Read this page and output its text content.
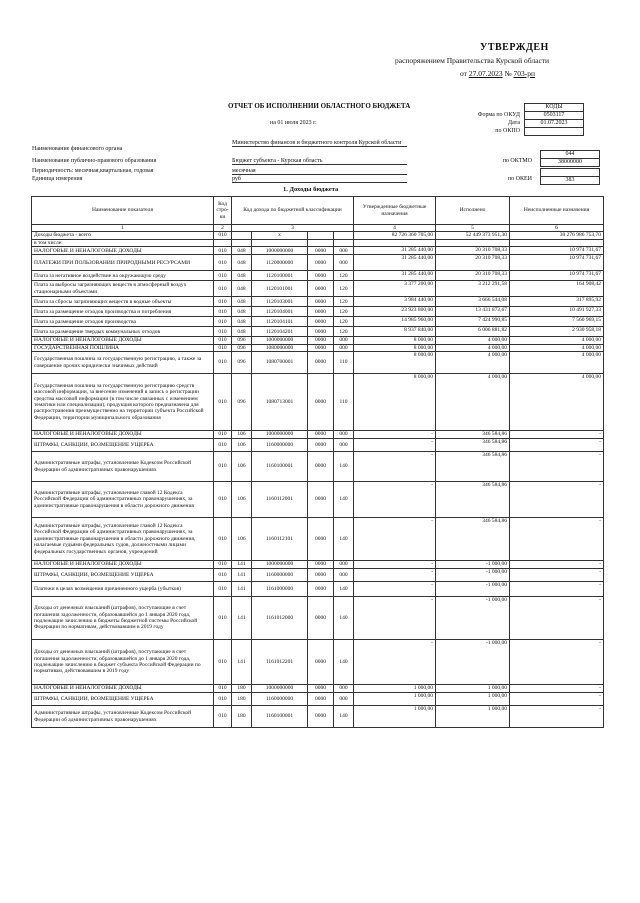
УТВЕРЖДЕН
распоряжением Правительства Курской области
от 27.07.2023 № 703-рп
ОТЧЕТ ОБ ИСПОЛНЕНИИ ОБЛАСТНОГО БЮДЖЕТА
на 01 июля 2023 г.
КОДЫ
Форма по ОКУД	0503117
Дата	01.07.2023
по ОКПО
Наименование финансового органа
Министерство финансов и бюджетного контроля Курской области
044
Наименование публично-правового образования	Бюджет субъекта - Курская область	по ОКТМО	38000000
Периодичность: месячная,квартальная, годовая	месячная
Единица измерения	руб	по ОКЕИ	383
1. Доходы бюджета
Наименование показателя	Код стро-ки	Код дохода по бюджетной классификации				Утвержденные бюджетные назначения	Исполнено	Неисполненные назначения
1	2	3				4	5	6
Доходы бюджета - всего	010		x			82 726 360 705,00	52 449 373 951,30	30 276 986 753,70
в том числе:								
НАЛОГОВЫЕ И НЕНАЛОГОВЫЕ ДОХОДЫ	010	048	1000000000	0000	000	31 285 440,00	20 310 708,33	10 974 731,67
ПЛАТЕЖИ ПРИ ПОЛЬЗОВАНИИ ПРИРОДНЫМИ РЕСУРСАМИ	010	048	1120000000	0000	000	31 285 440,00	20 310 708,33	10 974 731,67
Плата за негативное воздействие на окружающую среду	010	048	1120100001	0000	120	31 285 440,00	20 310 708,33	10 974 731,67
Плата за выбросы загрязняющих веществ в атмосферный воздух стационарными объектами	010	048	1120101001	0000	120	3 377 200,00	3 212 291,58	164 908,42
Плата за сбросы загрязняющих веществ в водные объекты	010	048	1120103001	0000	120	3 984 440,00	3 666 544,08	317 895,92
Плата за размещение отходов производства и потребления	010	048	1120104001	0000	120	23 923 800,00	13 431 872,67	10 491 927,33
Плата за размещение отходов производства	010	048	1120104101	0000	120	14 985 960,00	7 424 990,85	7 560 969,15
Плата за размещение твердых коммунальных отходов	010	048	1120104201	0000	120	8 937 840,00	6 006 881,82	2 930 958,18
НАЛОГОВЫЕ И НЕНАЛОГОВЫЕ ДОХОДЫ	010	096	1000000000	0000	000	8 000,00	4 000,00	4 000,00
ГОСУДАРСТВЕННАЯ ПОШЛИНА	010	096	1080000000	0000	000	8 000,00	4 000,00	4 000,00
Государственная пошлина за государственную регистрацию, а также за совершение прочих юридически значимых действий	010	096	1080700001	0000	110	8 000,00	4 000,00	4 000,00
Государственная пошлина за государственную регистрацию средств массовой информации, за внесение изменений в запись о регистрации средства массовой информации (в том числе связанных с изменением тематики или специализации), продукция которого предназначена для распространения преимущественно на территории субъекта Российской Федерации, территории муниципального образования	010	096	1080713001	0000	110	8 000,00	4 000,00	4 000,00
НАЛОГОВЫЕ И НЕНАЛОГОВЫЕ ДОХОДЫ	010	106	1000000000	0000	000	-	346 584,86	-
ШТРАФЫ, САНКЦИИ, ВОЗМЕЩЕНИЕ УЩЕРБА	010	106	1160000000	0000	000	-	346 584,86	-
Административные штрафы, установленные Кодексом Российской Федерации об административных правонарушениях	010	106	1160100001	0000	140	-	346 584,86	-
Административные штрафы, установленные главой 12 Кодекса Российской Федерации об административных правонарушениях, за административные правонарушения в области дорожного движения	010	106	1160112001	0000	140	-	346 584,86	-
Административные штрафы, установленные главой 12 Кодекса Российской Федерации об административных правонарушениях, за административные правонарушения в области дорожного движения, налагаемые судьями федеральных судов, должностными лицами федеральных государственных органов, учреждений	010	106	1160112101	0000	140	-	346 584,86	-
НАЛОГОВЫЕ И НЕНАЛОГОВЫЕ ДОХОДЫ	010	141	1000000000	0000	000	-	-1 000,00	-
ШТРАФЫ, САНКЦИИ, ВОЗМЕЩЕНИЕ УЩЕРБА	010	141	1160000000	0000	000	-	-1 000,00	-
Платежи в целях возмещения причиненного ущерба (убытков)	010	141	1161000000	0000	140	-	-1 000,00	-
Доходы от денежных взысканий (штрафов), поступающие в счет погашения задолженности, образовавшейся до 1 января 2020 года, подлежащие зачислению в бюджеты бюджетной системы Российской Федерации по нормативам, действовавшим в 2019 году	010	141	1161012000	0000	140	-	-1 000,00	-
Доходы от денежных взысканий (штрафов), поступающие в счет погашения задолженности, образовавшейся до 1 января 2020 года, подлежащие зачислению в бюджет субъекта Российской Федерации по нормативам, действовавшим в 2019 году	010	141	1161012201	0000	140	-	-1 000,00	-
НАЛОГОВЫЕ И НЕНАЛОГОВЫЕ ДОХОДЫ	010	180	1000000000	0000	000	1 000,00	1 000,00	-
ШТРАФЫ, САНКЦИИ, ВОЗМЕЩЕНИЕ УЩЕРБА	010	180	1160000000	0000	000	1 000,00	1 000,00	-
Административные штрафы, установленные Кодексом Российской Федерации об административных правонарушениях	010	180	1160100001	0000	140	1 000,00	1 000,00	-
